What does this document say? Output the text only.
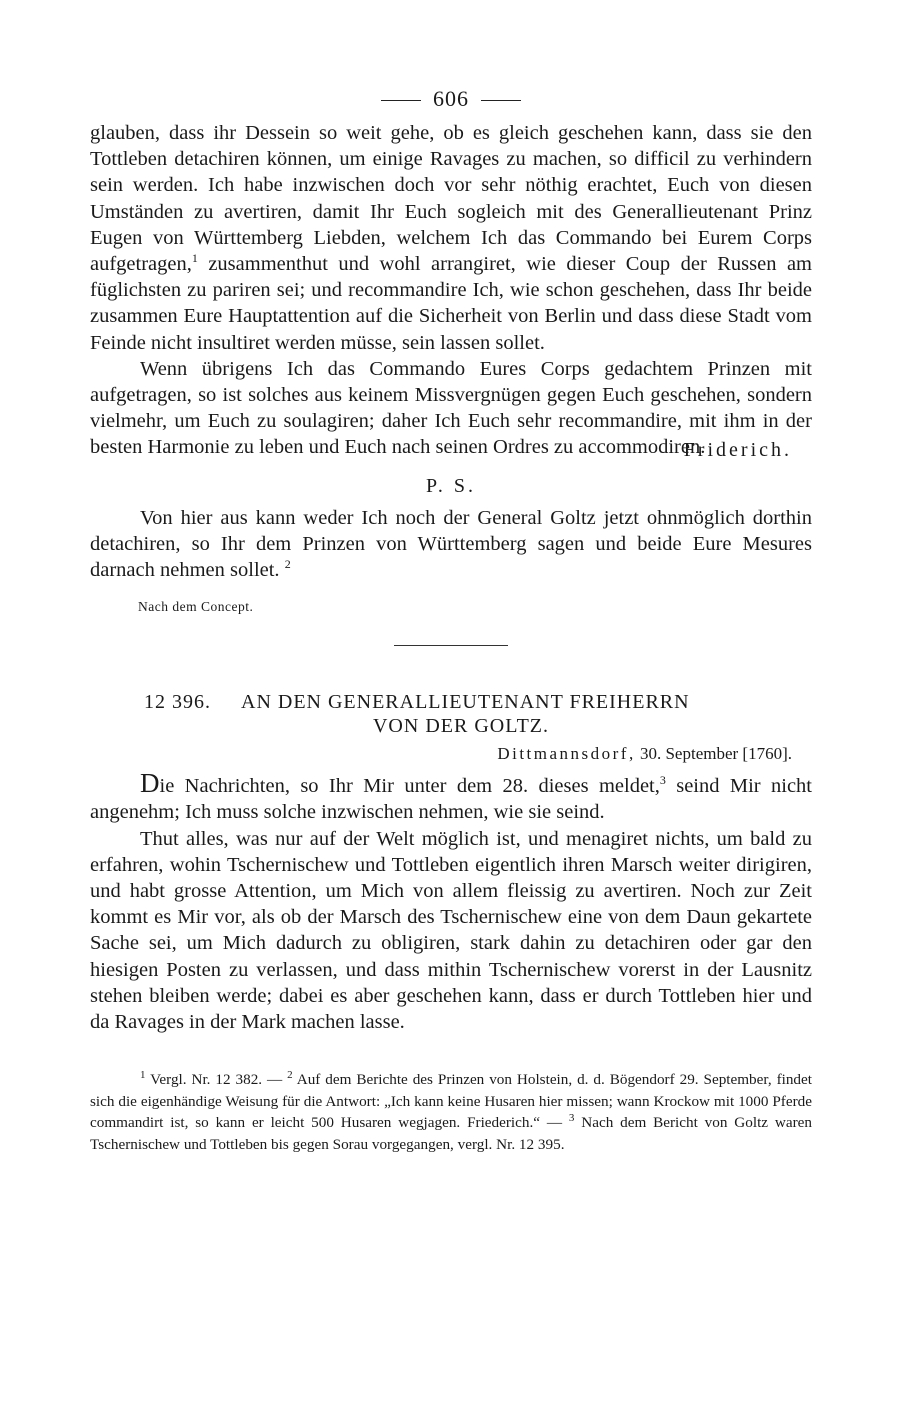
606

glauben, dass ihr Dessein so weit gehe, ob es gleich geschehen kann, dass sie den Tottleben detachiren können, um einige Ravages zu machen, so difficil zu verhindern sein werden. Ich habe inzwischen doch vor sehr nöthig erachtet, Euch von diesen Umständen zu avertiren, damit Ihr Euch sogleich mit des Generallieutenant Prinz Eugen von Württemberg Liebden, welchem Ich das Commando bei Eurem Corps aufgetragen,$^1$ zusammenthut und wohl arrangiret, wie dieser Coup der Russen am füglichsten zu pariren sei; und recommandire Ich, wie schon geschehen, dass Ihr beide zusammen Eure Hauptattention auf die Sicherheit von Berlin und dass diese Stadt vom Feinde nicht insultiret werden müsse, sein lassen sollet.

Wenn übrigens Ich das Commando Eures Corps gedachtem Prinzen mit aufgetragen, so ist solches aus keinem Missvergnügen gegen Euch geschehen, sondern vielmehr, um Euch zu soulagiren; daher Ich Euch sehr recommandire, mit ihm in der besten Harmonie zu leben und Euch nach seinen Ordres zu accommodiren.

Friderich.
P. S.

Von hier aus kann weder Ich noch der General Goltz jetzt ohnmöglich dorthin detachiren, so Ihr dem Prinzen von Württemberg sagen und beide Eure Mesures darnach nehmen sollet. $^2$

Nach dem Concept.
12 396. AN DEN GENERALLIEUTENANT FREIHERRN
VON DER GOLTZ.
Dittmannsdorf, 30. September [1760].

Die Nachrichten, so Ihr Mir unter dem 28. dieses meldet,$^3$ seind Mir nicht angenehm; Ich muss solche inzwischen nehmen, wie sie seind.

Thut alles, was nur auf der Welt möglich ist, und menagiret nichts, um bald zu erfahren, wohin Tschernischew und Tottleben eigentlich ihren Marsch weiter dirigiren, und habt grosse Attention, um Mich von allem fleissig zu avertiren. Noch zur Zeit kommt es Mir vor, als ob der Marsch des Tschernischew eine von dem Daun gekartete Sache sei, um Mich dadurch zu obligiren, stark dahin zu detachiren oder gar den hiesigen Posten zu verlassen, und dass mithin Tschernischew vorerst in der Lausnitz stehen bleiben werde; dabei es aber geschehen kann, dass er durch Tottleben hier und da Ravages in der Mark machen lasse.

$^1$ Vergl. Nr. 12 382. — $^2$ Auf dem Berichte des Prinzen von Holstein, d. d. Bögendorf 29. September, findet sich die eigenhändige Weisung für die Antwort: „Ich kann keine Husaren hier missen; wann Krockow mit 1000 Pferde commandirt ist, so kann er leicht 500 Husaren wegjagen. Friederich.“ — $^3$ Nach dem Bericht von Goltz waren Tschernischew und Tottleben bis gegen Sorau vorgegangen, vergl. Nr. 12 395.
